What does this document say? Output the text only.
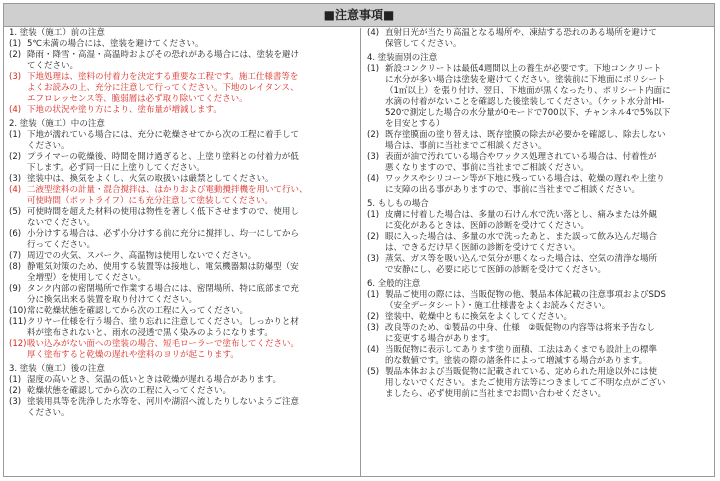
■注意事項■
1. 塗装（施工）前の注意
(1) 5℃未満の場合には、塗装を避けてください。
(2) 降雨・降雪・高湿・高温時およびその恐れがある場合には、塗装を避け
てください。
(3) 下地処理は、塗料の付着力を決定する重要な工程です。施工仕様書等を
よくお読みの上、充分に注意して行ってください。下地のレイタンス、
エフロレッセンス等、脆弱層は必ず取り除いてください。
(4) 下地の状況や塗り方により、塗布量が増減します。
2. 塗装（施工）中の注意
(1) 下地が濡れている場合には、充分に乾燥させてから次の工程に着手して
ください。
(2) プライマーの乾燥後、時間を開け過ぎると、上塗り塗料との付着力が低
下します。必ず同一日に上塗りしてください。
(3) 塗装中は、換気をよくし、火気の取扱いは厳禁としてください。
(4) 二液型塗料の計量・混合撹拌は、はかりおよび電動攪拌機を用いて行い、
可使時間（ポットライフ）にも充分注意して塗装してください。
(5) 可使時間を超えた材料の使用は物性を著しく低下させますので、使用し
ないでください。
(6) 小分けする場合は、必ず小分けする前に充分に撹拌し、均一にしてから
行ってください。
(7) 周辺での火気、スパーク、高温物は使用しないでください。
(8) 静電気対策のため、使用する装置等は接地し、電気機器類は防爆型（安
全増型）を使用してください。
(9) タンク内部の密閉場所で作業する場合には、密閉場所、特に底部まで充
分に換気出来る装置を取り付けてください。
(10) 常に乾燥状態を確認してから次の工程に入ってください。
(11) クリヤー仕様を行う場合、塗り忘れに注意してください。しっかりと材
料が塗布されないと、雨水の浸透で黒く染みのようになります。
(12) 吸い込みがない面への塗装の場合、短毛ローラーで塗布してください。
厚く塗布すると乾燥の遅れや塗料のヨリが起こります。
3. 塗装（施工）後の注意
(1) 湿度の高いとき、気温の低いときは乾燥が遅れる場合があります。
(2) 乾燥状態を確認してから次の工程に入ってください。
(3) 塗装用具等を洗浄した水等を、河川や湖沼へ流したりしないようご注意
ください。
(4) 直射日光が当たり高温となる場所や、凍結する恐れのある場所を避けて
保管してください。
4. 塗装面別の注意
(1) 新設コンクリートは最低4週間以上の養生が必要です。下地コンクリート
に水分が多い場合は塗装を避けてください。塗装前に下地面にポリシート
（1㎡以上）を張り付け、翌日、下地面が黒くなったり、ポリシート内面に
水滴の付着がないことを確認した後塗装してください。（ケット水分計HI-
520で測定した場合の水分量が0モードで700以下、チャンネル4で5%以下
を目安とする）
(2) 既存塗膜面の塗り替えは、既存塗膜の除去が必要かを確認し、除去しない
場合は、事前に当社までご相談ください。
(3) 表面が油で汚れている場合やワックス処理されている場合は、付着性が
悪くなりますので、事前に当社までご相談ください。
(4) ワックスやシリコーン等が下地に残っている場合は、乾燥の遅れや上塗り
に支障の出る事がありますので、事前に当社までご相談ください。
5. もしもの場合
(1) 皮膚に付着した場合は、多量の石けん水で洗い落とし、痛みまたは外観
に変化があるときは、医師の診断を受けてください。
(2) 眼に入った場合は、多量の水で洗ったあと、また誤って飲み込んだ場合
は、できるだけ早く医師の診断を受けてください。
(3) 蒸気、ガス等を吸い込んで気分が悪くなった場合は、空気の清浄な場所
で安静にし、必要に応じて医師の診断を受けてください。
6. 全般的注意
(1) 製品ご使用の際には、当販促物の他、製品本体記載の注意事項およびSDS
（安全データシート）・施工仕様書をよくお読みください。
(2) 塗装中、乾燥中ともに換気をよくしてください。
(3) 改良等のため、①製品の中身、仕様　②販促物の内容等は将来予告なし
に変更する場合があります。
(4) 当販促物に表示してあります塗り面積、工法はあくまでも設計上の標準
的な数値です。塗装の際の諸条件によって増減する場合があります。
(5) 製品本体および当販促物に記載されている、定められた用途以外には使
用しないでください。またご使用方法等につきましてご不明な点がござい
ましたら、必ず使用前に当社までお問い合わせください。
